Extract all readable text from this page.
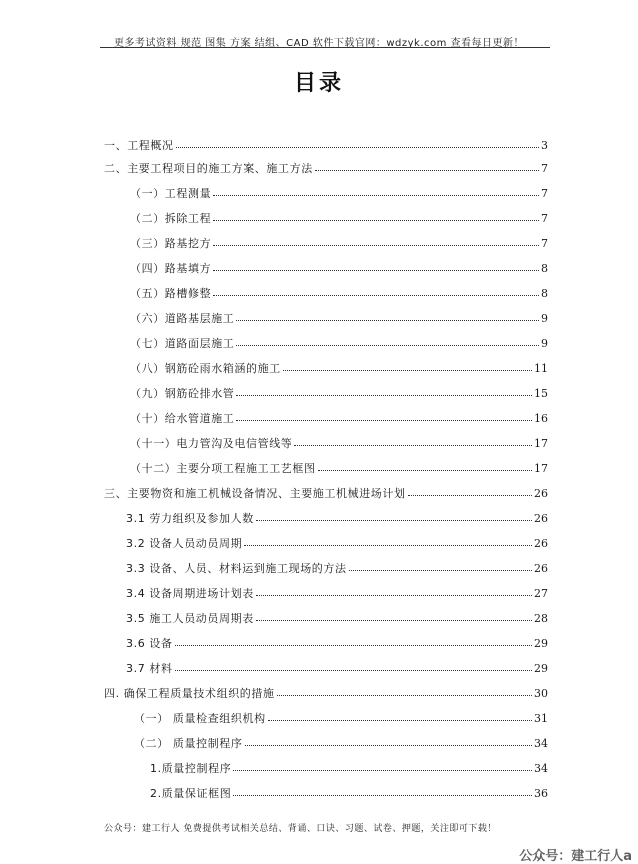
更多考试资料 规范 图集 方案 结组、CAD 软件下载官网：wdzyk.com 查看每日更新！
目录
一、工程概况	3
二、主要工程项目的施工方案、施工方法	7
（一）工程测量	7
（二）拆除工程	7
（三）路基挖方	7
（四）路基填方	8
（五）路槽修整	8
（六）道路基层施工	9
（七）道路面层施工	9
（八）钢筋砼雨水箱涵的施工	11
（九）钢筋砼排水管	15
（十）给水管道施工	16
（十一）电力管沟及电信管线等	17
（十二）主要分项工程施工工艺框图	17
三、主要物资和施工机械设备情况、主要施工机械进场计划	26
3.1 劳力组织及参加人数	26
3.2 设备人员动员周期	26
3.3 设备、人员、材料运到施工现场的方法	26
3.4 设备周期进场计划表	27
3.5 施工人员动员周期表	28
3.6 设备	29
3.7 材料	29
四. 确保工程质量技术组织的措施	30
（一） 质量检查组织机构	31
（二） 质量控制程序	34
1.质量控制程序	34
2.质量保证框图	36
公众号：建工行人 免费提供考试相关总结、背诵、口诀、习题、试卷、押题，关注即可下载！
公众号：建工行人a
